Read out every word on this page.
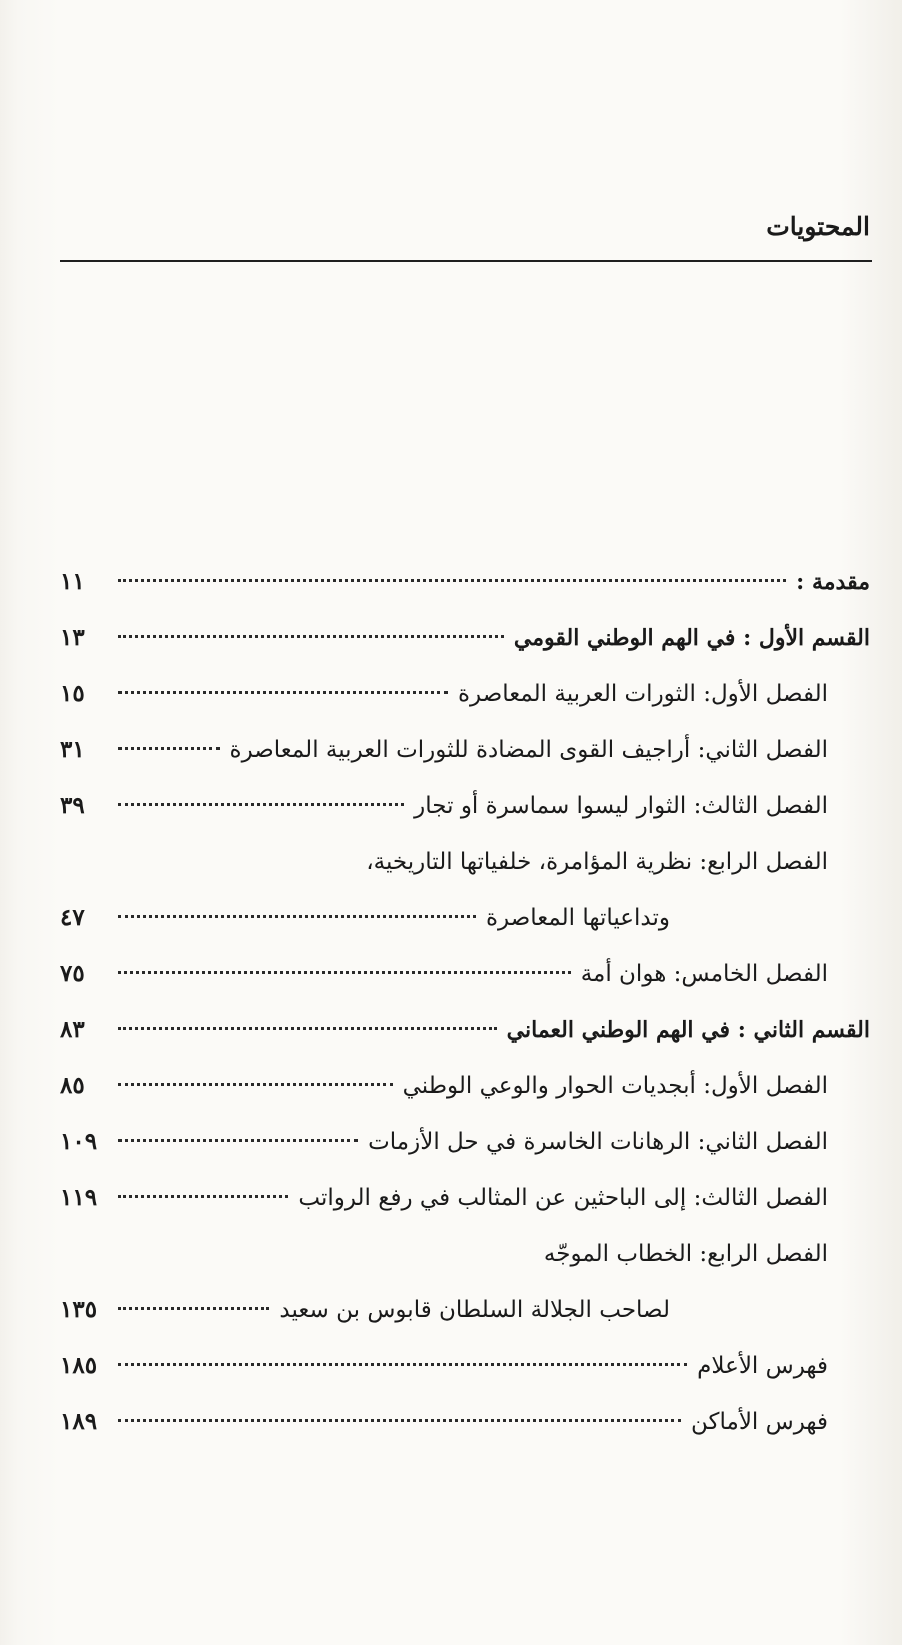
المحتويات
مقدمة :
١١
القسم الأول : في الهم الوطني القومي
١٣
الفصل الأول: الثورات العربية المعاصرة
١٥
الفصل الثاني: أراجيف القوى المضادة للثورات العربية المعاصرة
٣١
الفصل الثالث: الثوار ليسوا سماسرة أو تجار
٣٩
الفصل الرابع: نظرية المؤامرة، خلفياتها التاريخية،
وتداعياتها المعاصرة
٤٧
الفصل الخامس: هوان أمة
٧٥
القسم الثاني : في الهم الوطني العماني
٨٣
الفصل الأول: أبجديات الحوار والوعي الوطني
٨٥
الفصل الثاني: الرهانات الخاسرة في حل الأزمات
١٠٩
الفصل الثالث: إلى الباحثين عن المثالب في رفع الرواتب
١١٩
الفصل الرابع: الخطاب الموجّه
لصاحب الجلالة السلطان قابوس بن سعيد
١٣٥
فهرس الأعلام
١٨٥
فهرس الأماكن
١٨٩
